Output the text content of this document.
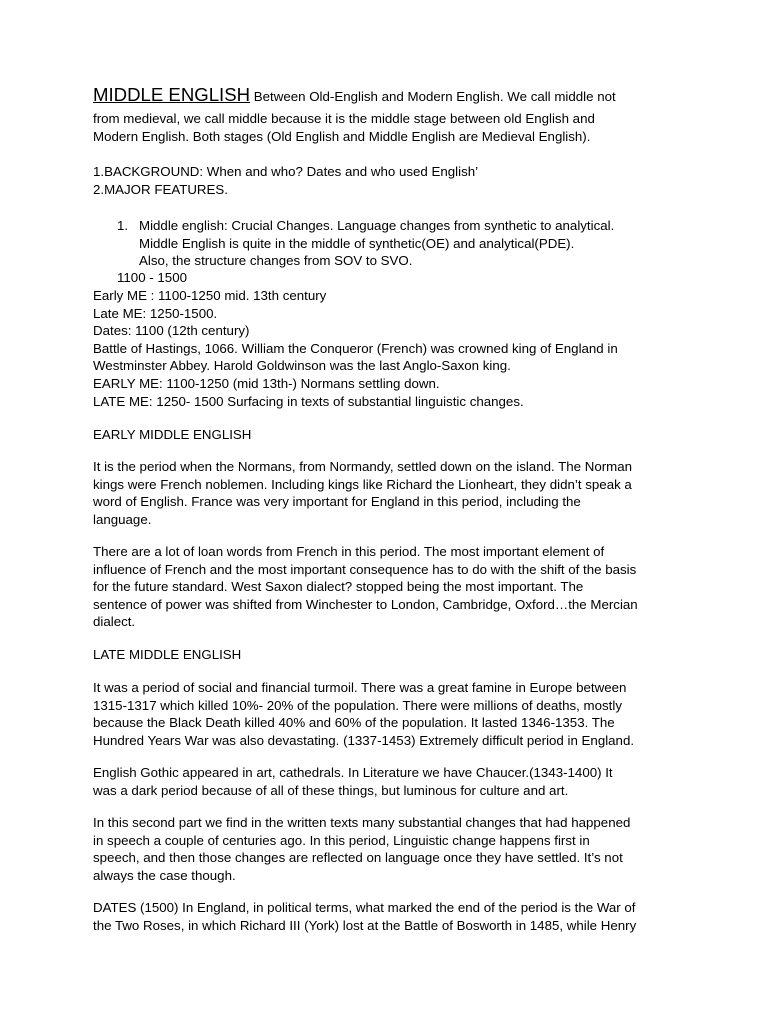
MIDDLE ENGLISH Between Old-English and Modern English. We call middle not
from medieval, we call middle because it is the middle stage between old English and
Modern English. Both stages (Old English and Middle English are Medieval English).
1.BACKGROUND: When and who? Dates and who used English’
2.MAJOR FEATURES.
1. Middle english: Crucial Changes. Language changes from synthetic to analytical.
Middle English is quite in the middle of synthetic(OE) and analytical(PDE).
Also, the structure changes from SOV to SVO.
1100 - 1500
Early ME : 1100-1250 mid. 13th century
Late ME: 1250-1500.
Dates: 1100 (12th century)
Battle of Hastings, 1066. William the Conqueror (French) was crowned king of England in
Westminster Abbey. Harold Goldwinson was the last Anglo-Saxon king.
EARLY ME: 1100-1250 (mid 13th-) Normans settling down.
LATE ME: 1250- 1500 Surfacing in texts of substantial linguistic changes.
EARLY MIDDLE ENGLISH
It is the period when the Normans, from Normandy, settled down on the island. The Norman
kings were French noblemen. Including kings like Richard the Lionheart, they didn’t speak a
word of English. France was very important for England in this period, including the
language.
There are a lot of loan words from French in this period. The most important element of
influence of French and the most important consequence has to do with the shift of the basis
for the future standard. West Saxon dialect? stopped being the most important. The
sentence of power was shifted from Winchester to London, Cambridge, Oxford…the Mercian
dialect.
LATE MIDDLE ENGLISH
It was a period of social and financial turmoil. There was a great famine in Europe between
1315-1317 which killed 10%- 20% of the population. There were millions of deaths, mostly
because the Black Death killed 40% and 60% of the population. It lasted 1346-1353. The
Hundred Years War was also devastating. (1337-1453) Extremely difficult period in England.
English Gothic appeared in art, cathedrals. In Literature we have Chaucer.(1343-1400) It
was a dark period because of all of these things, but luminous for culture and art.
In this second part we find in the written texts many substantial changes that had happened
in speech a couple of centuries ago. In this period, Linguistic change happens first in
speech, and then those changes are reflected on language once they have settled. It’s not
always the case though.
DATES (1500) In England, in political terms, what marked the end of the period is the War of
the Two Roses, in which Richard III (York) lost at the Battle of Bosworth in 1485, while Henry
